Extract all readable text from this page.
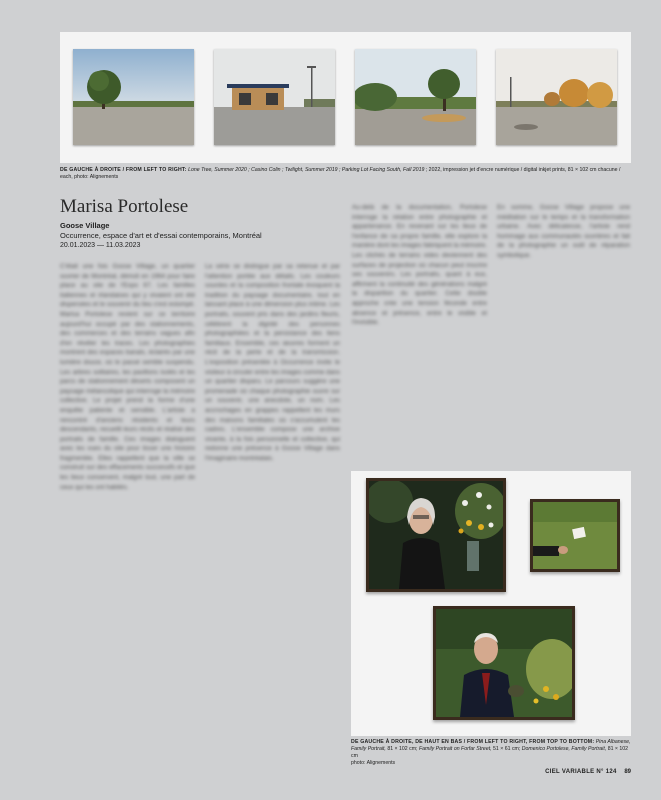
DE GAUCHE À DROITE / FROM LEFT TO RIGHT: Lone Tree, Summer 2020 ; Casino Colin ; Twilight, Summer 2019 ; Parking Lot Facing South, Fall 2019 ; 2022, impression jet d'encre numérique / digital inkjet prints, 81 × 102 cm chacune / each, photo: Alignements
Marisa Portolese
Goose Village
Occurrence, espace d'art et d'essai contemporains, Montréal
20.01.2023 — 11.03.2023
C'était une fois Goose Village, un quartier ouvrier de Montréal, démoli en 1964 pour faire place au site de l'Expo 67. Les familles italiennes et irlandaises qui y vivaient ont été dispersées et le souvenir du lieu s'est estompé. Marisa Portolese revient sur ce territoire aujourd'hui occupé par des stationnements, des commerces et des terrains vagues afin d'en révéler les traces. Les photographies montrent des espaces banals, éclairés par une lumière douce, où le passé semble suspendu. Les arbres solitaires, les pavillons isolés et les parcs de stationnement déserts composent un paysage mélancolique qui interroge la mémoire collective. Le projet prend la forme d'une enquête patiente et sensible. L'artiste a rencontré d'anciens résidents et leurs descendants, recueilli leurs récits et réalisé des portraits de famille. Ces images dialoguent avec les vues du site pour tisser une histoire fragmentée. Elles rappellent que la ville se construit sur des effacements successifs et que les lieux conservent, malgré tout, une part de ceux qui les ont habités.
La série se distingue par sa retenue et par l'attention portée aux détails. Les couleurs sourdes et la composition frontale évoquent la tradition du paysage documentaire, tout en laissant place à une dimension plus intime. Les portraits, souvent pris dans des jardins fleuris, célèbrent la dignité des personnes photographiées et la persistance des liens familiaux. Ensemble, ces œuvres forment un récit de la perte et de la transmission. L'exposition présentée à Occurrence invite le visiteur à circuler entre les images comme dans un quartier disparu. Le parcours suggère une promenade où chaque photographie ouvre sur un souvenir, une anecdote, un nom. Les accrochages en grappes rappellent les murs des maisons familiales où s'accumulent les cadres. L'ensemble compose une archive vivante, à la fois personnelle et collective, qui redonne une présence à Goose Village dans l'imaginaire montréalais.
Au-delà de la documentation, Portolese interroge la relation entre photographie et appartenance. En revenant sur les lieux de l'enfance de sa propre famille, elle explore la manière dont les images fabriquent la mémoire. Les clichés de terrains vides deviennent des surfaces de projection où chacun peut inscrire ses souvenirs. Les portraits, quant à eux, affirment la continuité des générations malgré la disparition du quartier. Cette double approche crée une tension féconde entre absence et présence, entre le visible et l'invisible.
En somme, Goose Village propose une méditation sur le temps et la transformation urbaine. Avec délicatesse, l'artiste rend hommage aux communautés ouvrières et fait de la photographie un outil de réparation symbolique.
DE GAUCHE À DROITE, DE HAUT EN BAS / FROM LEFT TO RIGHT, FROM TOP TO BOTTOM: Pina Albanese, Family Portrait, 81 × 102 cm; Family Portrait on Forfar Street, 51 × 61 cm; Domenico Portolese, Family Portrait, 81 × 102 cm
photo: Alignements
CIEL VARIABLE N° 124 89
